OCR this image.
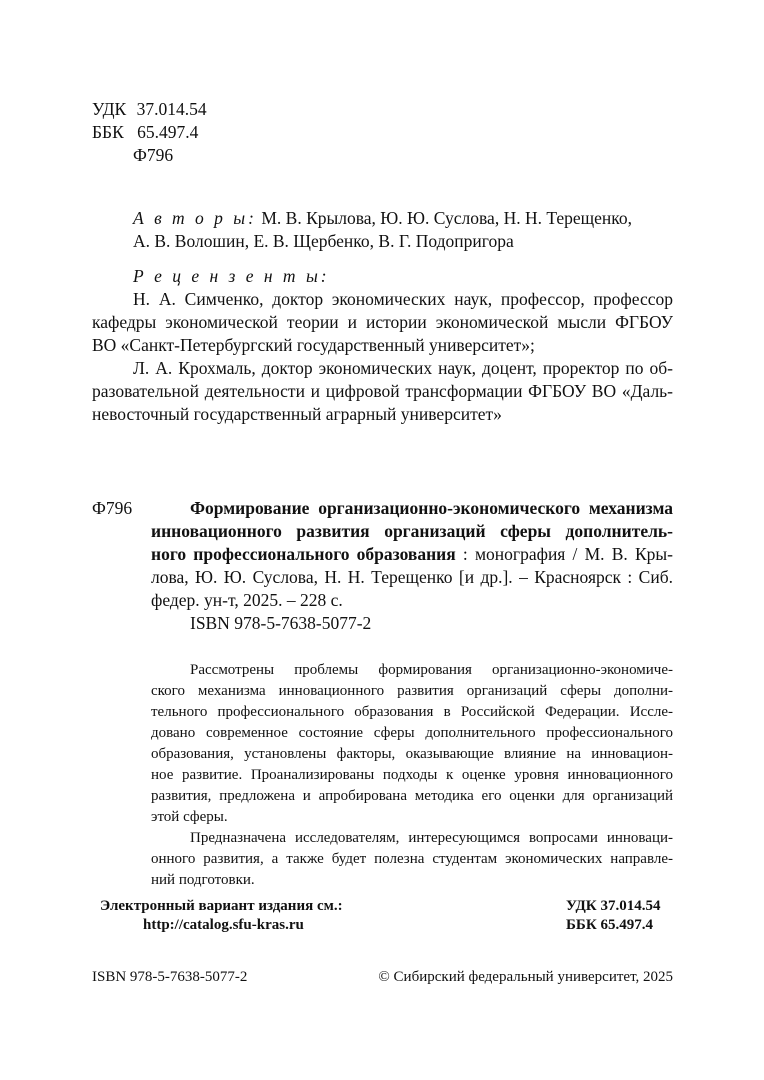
УДК 37.014.54
ББК 65.497.4
Ф796
А в т о р ы: М. В. Крылова, Ю. Ю. Суслова, Н. Н. Терещенко,
А. В. Волошин, Е. В. Щербенко, В. Г. Подопригора
Р е ц е н з е н т ы:
Н. А. Симченко, доктор экономических наук, профессор, профессор
кафедры экономической теории и истории экономической мысли ФГБОУ
ВО «Санкт-Петербургский государственный университет»;
Л. А. Крохмаль, доктор экономических наук, доцент, проректор по об-
разовательной деятельности и цифровой трансформации ФГБОУ ВО «Даль-
невосточный государственный аграрный университет»
Ф796	Формирование организационно-экономического механизма
инновационного развития организаций сферы дополнитель-
ного профессионального образования : монография / М. В. Кры-
лова, Ю. Ю. Суслова, Н. Н. Терещенко [и др.]. – Красноярск : Сиб.
федер. ун-т, 2025. – 228 с.
ISBN 978-5-7638-5077-2
Рассмотрены проблемы формирования организационно-экономиче-
ского механизма инновационного развития организаций сферы дополни-
тельного профессионального образования в Российской Федерации. Иссле-
довано современное состояние сферы дополнительного профессионального
образования, установлены факторы, оказывающие влияние на инновацион-
ное развитие. Проанализированы подходы к оценке уровня инновационного
развития, предложена и апробирована методика его оценки для организаций
этой сферы.
Предназначена исследователям, интересующимся вопросами инноваци-
онного развития, а также будет полезна студентам экономических направле-
ний подготовки.
Электронный вариант издания см.:
http://catalog.sfu-kras.ru
УДК 37.014.54
ББК 65.497.4
ISBN 978-5-7638-5077-2	© Сибирский федеральный университет, 2025
